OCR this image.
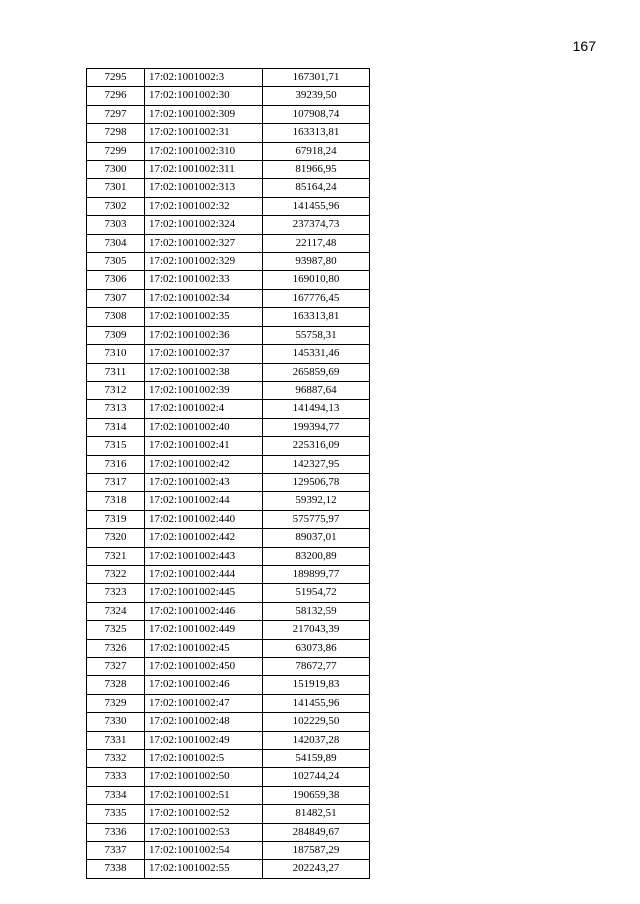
167
7295	17:02:1001002:3	167301,71
7296	17:02:1001002:30	39239,50
7297	17:02:1001002:309	107908,74
7298	17:02:1001002:31	163313,81
7299	17:02:1001002:310	67918,24
7300	17:02:1001002:311	81966,95
7301	17:02:1001002:313	85164,24
7302	17:02:1001002:32	141455,96
7303	17:02:1001002:324	237374,73
7304	17:02:1001002:327	22117,48
7305	17:02:1001002:329	93987,80
7306	17:02:1001002:33	169010,80
7307	17:02:1001002:34	167776,45
7308	17:02:1001002:35	163313,81
7309	17:02:1001002:36	55758,31
7310	17:02:1001002:37	145331,46
7311	17:02:1001002:38	265859,69
7312	17:02:1001002:39	96887,64
7313	17:02:1001002:4	141494,13
7314	17:02:1001002:40	199394,77
7315	17:02:1001002:41	225316,09
7316	17:02:1001002:42	142327,95
7317	17:02:1001002:43	129506,78
7318	17:02:1001002:44	59392,12
7319	17:02:1001002:440	575775,97
7320	17:02:1001002:442	89037,01
7321	17:02:1001002:443	83200,89
7322	17:02:1001002:444	189899,77
7323	17:02:1001002:445	51954,72
7324	17:02:1001002:446	58132,59
7325	17:02:1001002:449	217043,39
7326	17:02:1001002:45	63073,86
7327	17:02:1001002:450	78672,77
7328	17:02:1001002:46	151919,83
7329	17:02:1001002:47	141455,96
7330	17:02:1001002:48	102229,50
7331	17:02:1001002:49	142037,28
7332	17:02:1001002:5	54159,89
7333	17:02:1001002:50	102744,24
7334	17:02:1001002:51	190659,38
7335	17:02:1001002:52	81482,51
7336	17:02:1001002:53	284849,67
7337	17:02:1001002:54	187587,29
7338	17:02:1001002:55	202243,27
